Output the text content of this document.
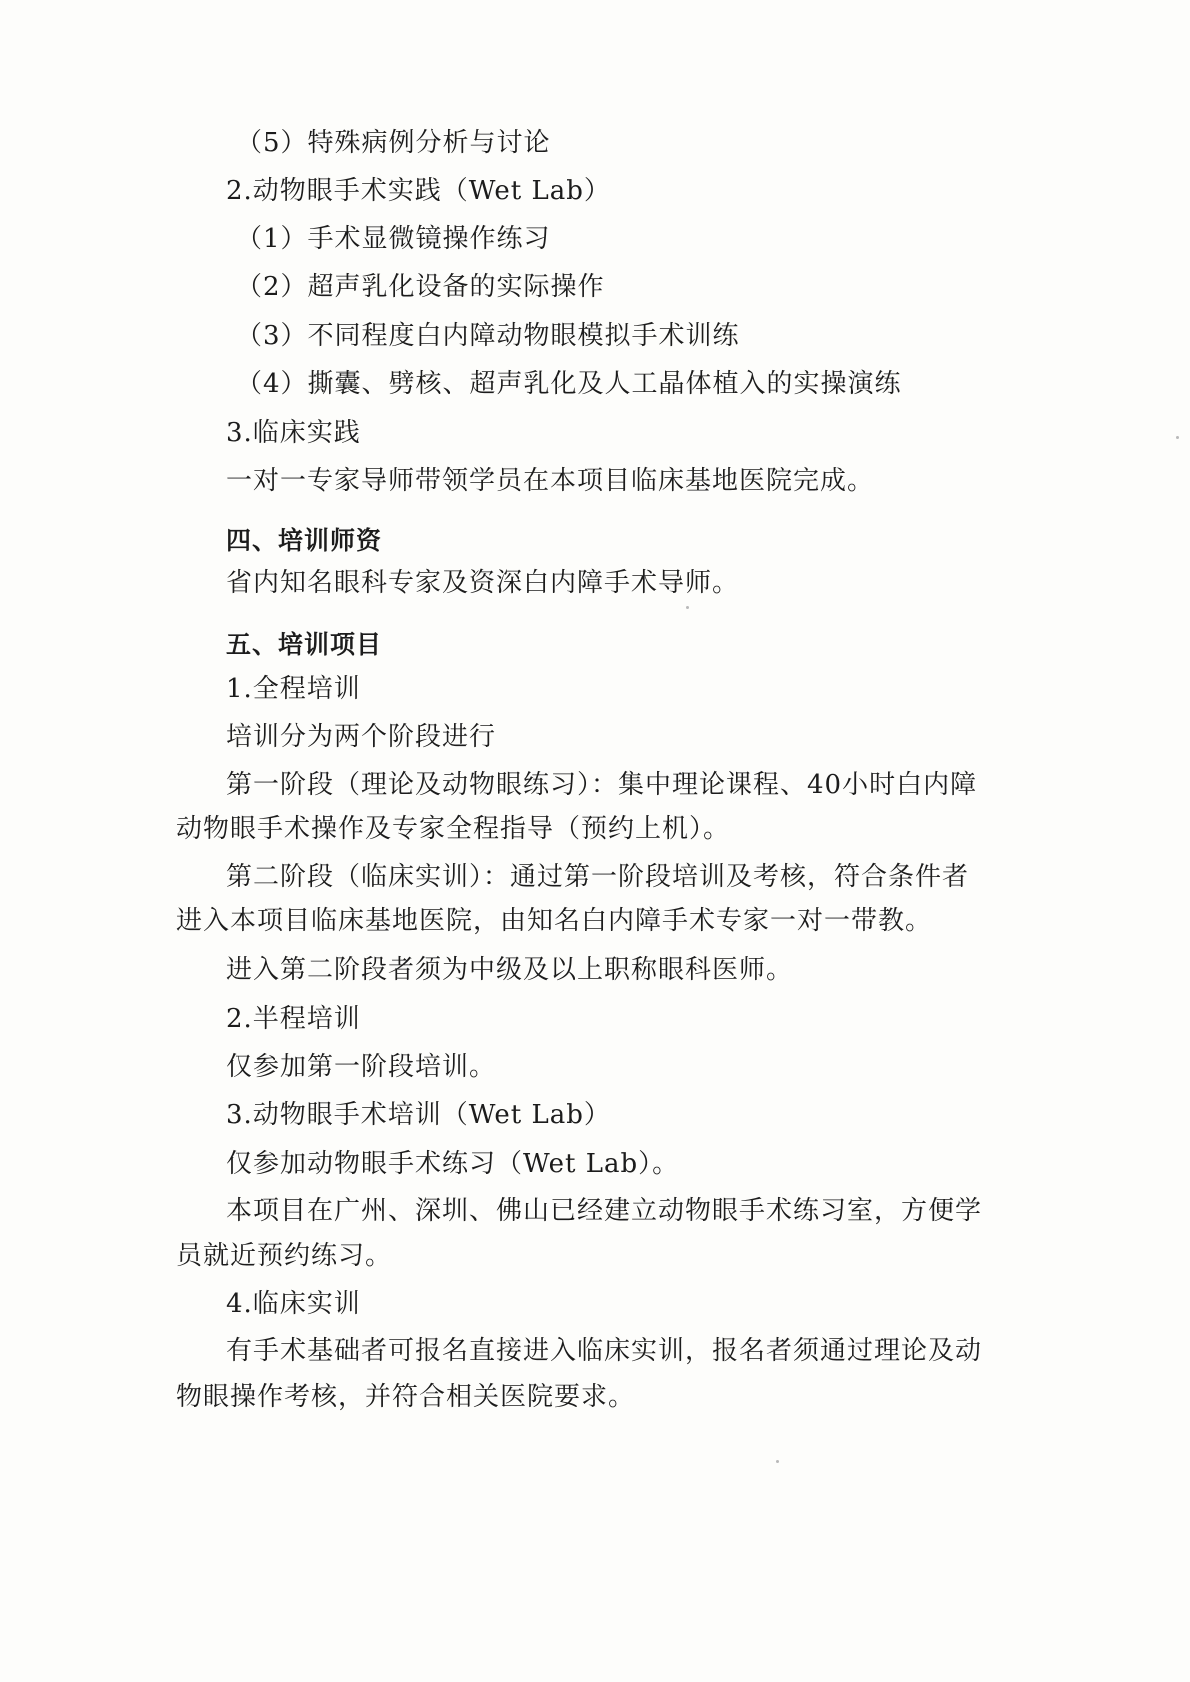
（5）特殊病例分析与讨论
2.动物眼手术实践（Wet Lab）
（1）手术显微镜操作练习
（2）超声乳化设备的实际操作
（3）不同程度白内障动物眼模拟手术训练
（4）撕囊、劈核、超声乳化及人工晶体植入的实操演练
3.临床实践
一对一专家导师带领学员在本项目临床基地医院完成。
四、培训师资
省内知名眼科专家及资深白内障手术导师。
五、培训项目
1.全程培训
培训分为两个阶段进行
第一阶段（理论及动物眼练习）：集中理论课程、40小时白内障
动物眼手术操作及专家全程指导（预约上机）。
第二阶段（临床实训）：通过第一阶段培训及考核，符合条件者
进入本项目临床基地医院，由知名白内障手术专家一对一带教。
进入第二阶段者须为中级及以上职称眼科医师。
2.半程培训
仅参加第一阶段培训。
3.动物眼手术培训（Wet Lab）
仅参加动物眼手术练习（Wet Lab）。
本项目在广州、深圳、佛山已经建立动物眼手术练习室，方便学
员就近预约练习。
4.临床实训
有手术基础者可报名直接进入临床实训，报名者须通过理论及动
物眼操作考核，并符合相关医院要求。
